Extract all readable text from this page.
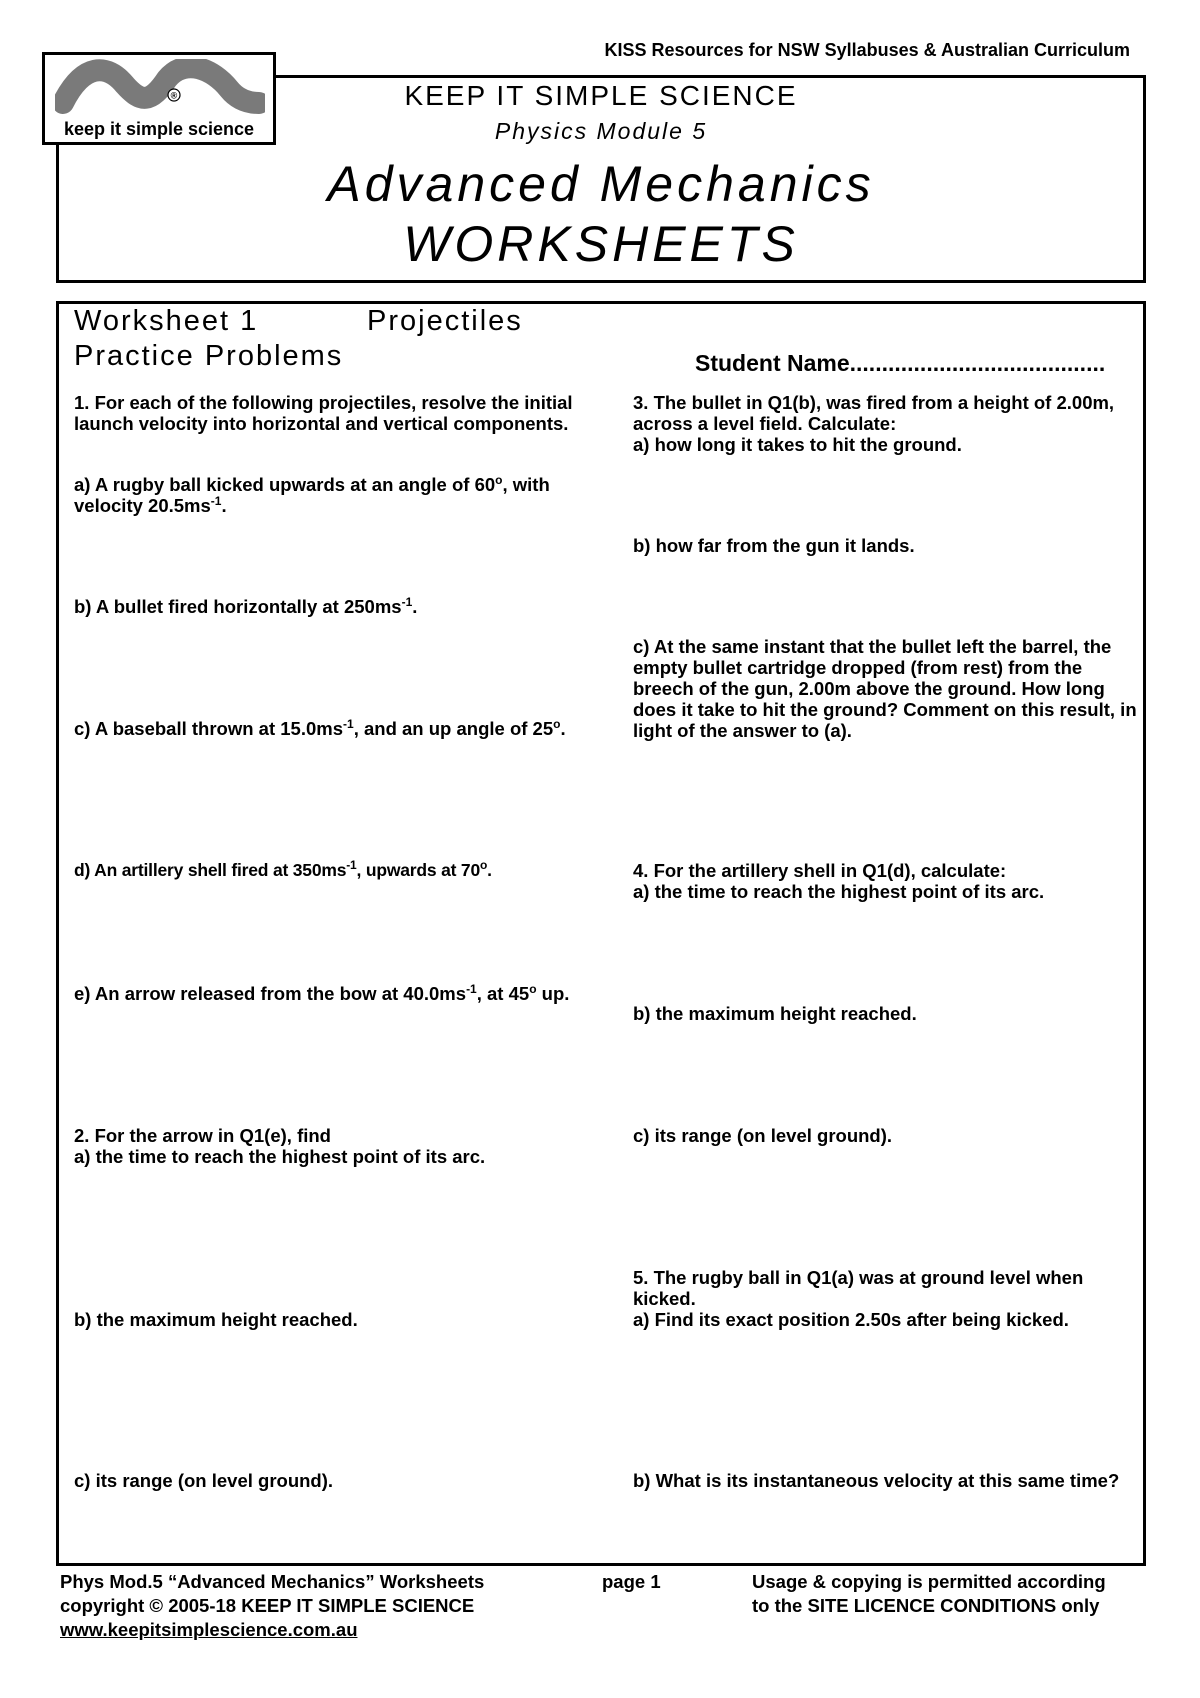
KISS Resources for NSW Syllabuses & Australian Curriculum
®
keep it simple science
KEEP IT SIMPLE SCIENCE
Physics Module 5
Advanced Mechanics
WORKSHEETS
Worksheet 1	Projectiles
Practice Problems	Student Name........................................
1. For each of the following projectiles, resolve the initial launch velocity into horizontal and vertical components.
a) A rugby ball kicked upwards at an angle of 60$^o$, with velocity $20.5ms^{-1}$.
b) A bullet fired horizontally at $250ms^{-1}$.
c) A baseball thrown at $15.0ms^{-1}$, and an up angle of 25$^o$.
d) An artillery shell fired at $350ms^{-1}$, upwards at 70$^o$.
e) An arrow released from the bow at $40.0ms^{-1}$, at 45$^o$ up.
2. For the arrow in Q1(e), find
a) the time to reach the highest point of its arc.
b) the maximum height reached.
c) its range (on level ground).
3. The bullet in Q1(b), was fired from a height of 2.00m, across a level field. Calculate:
a) how long it takes to hit the ground.
b) how far from the gun it lands.
c) At the same instant that the bullet left the barrel, the empty bullet cartridge dropped (from rest) from the breech of the gun, 2.00m above the ground. How long does it take to hit the ground? Comment on this result, in light of the answer to (a).
4. For the artillery shell in Q1(d), calculate:
a) the time to reach the highest point of its arc.
b) the maximum height reached.
c) its range (on level ground).
5. The rugby ball in Q1(a) was at ground level when kicked.
a) Find its exact position 2.50s after being kicked.
b) What is its instantaneous velocity at this same time?
Phys Mod.5 “Advanced Mechanics” Worksheets
copyright © 2005-18 KEEP IT SIMPLE SCIENCE
www.keepitsimplescience.com.au
page 1	Usage & copying is permitted according
to the SITE LICENCE CONDITIONS only
